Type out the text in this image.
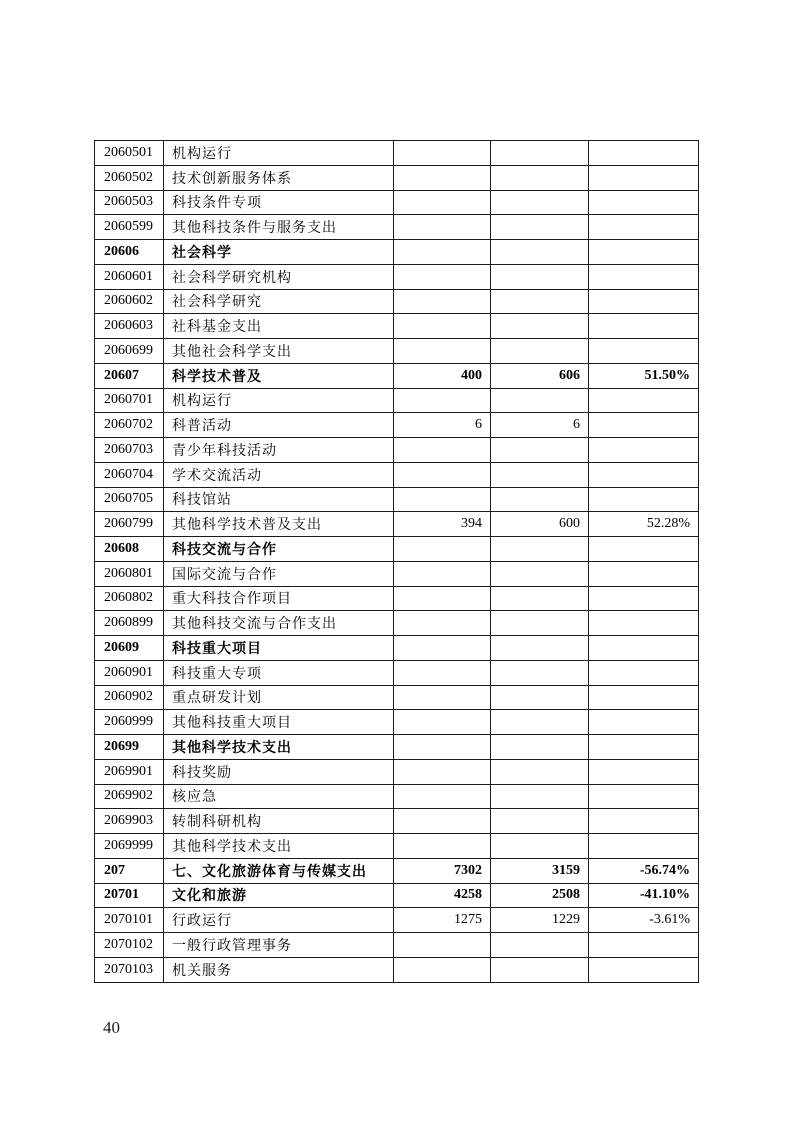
2060501	机构运行			
2060502	技术创新服务体系			
2060503	科技条件专项			
2060599	其他科技条件与服务支出			
20606	社会科学			
2060601	社会科学研究机构			
2060602	社会科学研究			
2060603	社科基金支出			
2060699	其他社会科学支出			
20607	科学技术普及	400	606	51.50%
2060701	机构运行			
2060702	科普活动	6	6	
2060703	青少年科技活动			
2060704	学术交流活动			
2060705	科技馆站			
2060799	其他科学技术普及支出	394	600	52.28%
20608	科技交流与合作			
2060801	国际交流与合作			
2060802	重大科技合作项目			
2060899	其他科技交流与合作支出			
20609	科技重大项目			
2060901	科技重大专项			
2060902	重点研发计划			
2060999	其他科技重大项目			
20699	其他科学技术支出			
2069901	科技奖励			
2069902	核应急			
2069903	转制科研机构			
2069999	其他科学技术支出			
207	七、文化旅游体育与传媒支出	7302	3159	-56.74%
20701	文化和旅游	4258	2508	-41.10%
2070101	行政运行	1275	1229	-3.61%
2070102	一般行政管理事务			
2070103	机关服务			
40
